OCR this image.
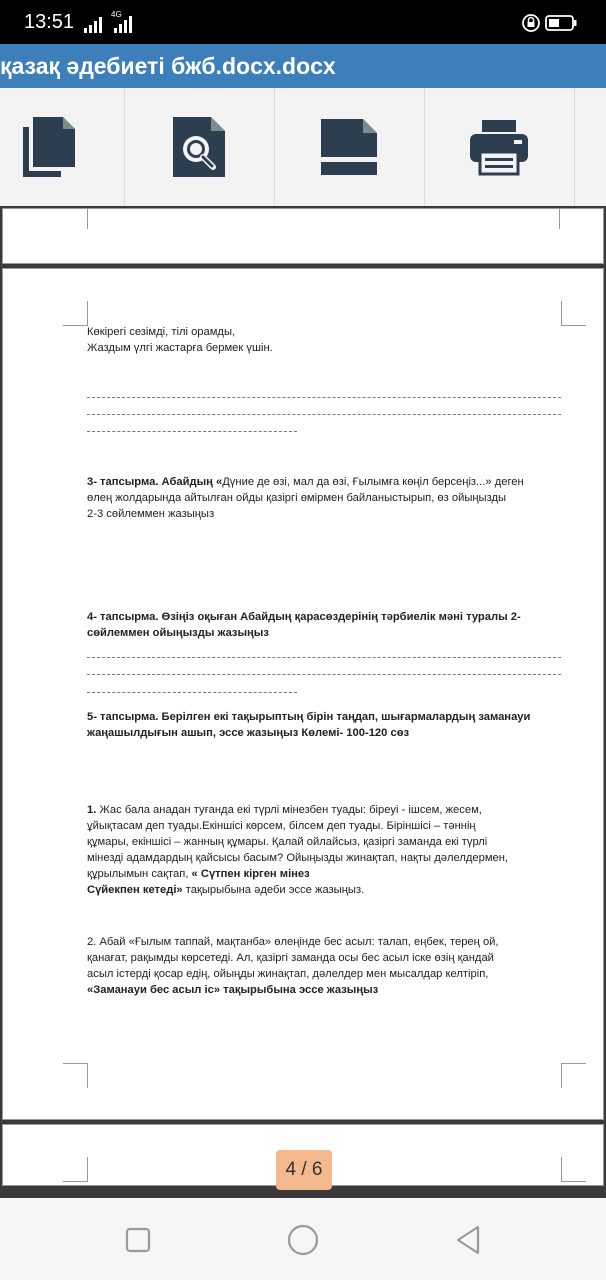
13:51	4G
қазақ әдебиеті бжб.docx.docx
Көкірегі сезімді, тілі орамды,
Жаздым үлгі жастарға бермек үшін.
3- тапсырма. Абайдың «Дүние де өзі, мал да өзі, Ғылымға көңіл берсеңіз...» деген
өлең жолдарында айтылған ойды қазіргі өмірмен байланыстырып, өз ойыңызды
2-3 сөйлеммен жазыңыз
4- тапсырма. Өзіңіз оқыған Абайдың қарасөздерінің тәрбиелік мәні туралы 2-
сөйлеммен ойыңызды жазыңыз
5- тапсырма. Берілген екі тақырыптың бірін таңдап, шығармалардың заманауи
жаңашылдығын ашып, эссе жазыңыз Көлемі- 100-120 сөз
1. Жас бала анадан туғанда екі түрлі мінезбен туады: біреуі - ішсем, жесем,
ұйықтасам деп туады.Екіншісі көрсем, білсем деп туады. Біріншісі – тәннің
құмары, екіншісі – жанның құмары. Қалай ойлайсыз, қазіргі заманда екі түрлі
мінезді адамдардың қайсысы басым? Ойыңызды жинақтап, нақты дәлелдермен,
құрылымын сақтап, « Сүтпен кірген мінез
Сүйекпен кетеді» тақырыбына әдеби эссе жазыңыз.
2. Абай «Ғылым таппай, мақтанба» өлеңінде бес асыл: талап, еңбек, терең ой,
қанағат, рақымды көрсетеді. Ал, қазіргі заманда осы бес асыл іске өзің қандай
асыл істерді қосар едің, ойыңды жинақтап, дәлелдер мен мысалдар келтіріп,
«Заманауи бес асыл іс» тақырыбына эссе жазыңыз
4 / 6
